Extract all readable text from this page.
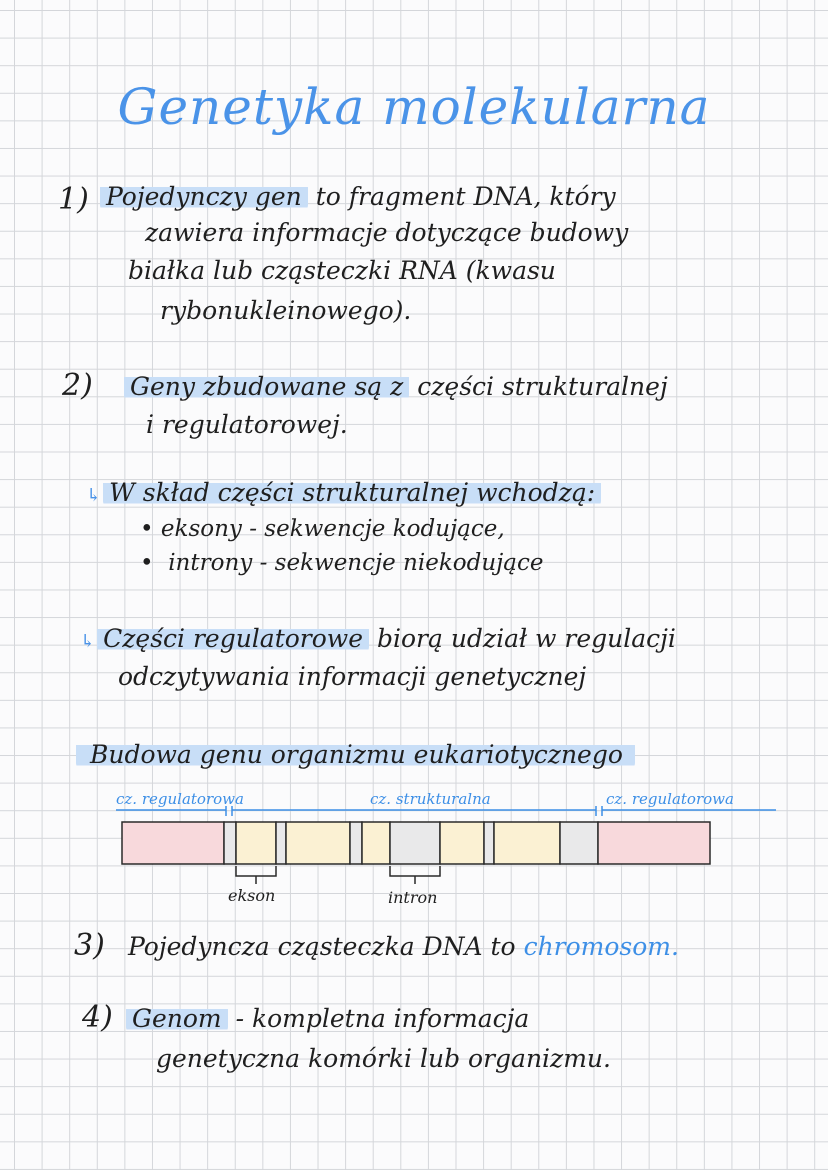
Genetyka molekularna
1) Pojedynczy gen to fragment DNA, który
zawiera informacje dotyczące budowy
białka lub cząsteczki RNA (kwasu
rybonukleinowego).
2) Geny zbudowane są z części strukturalnej
i regulatorowej.
↳ W skład części strukturalnej wchodzą:
• eksony - sekwencje kodujące,
•  introny - sekwencje niekodujące
↳ Części regulatorowe biorą udział w regulacji
odczytywania informacji genetycznej
Budowa genu organizmu eukariotycznego
cz. regulatorowa	cz. strukturalna	cz. regulatorowa
ekson	intron
3) Pojedyncza cząsteczka DNA to chromosom.
4) Genom - kompletna informacja
genetyczna komórki lub organizmu.
